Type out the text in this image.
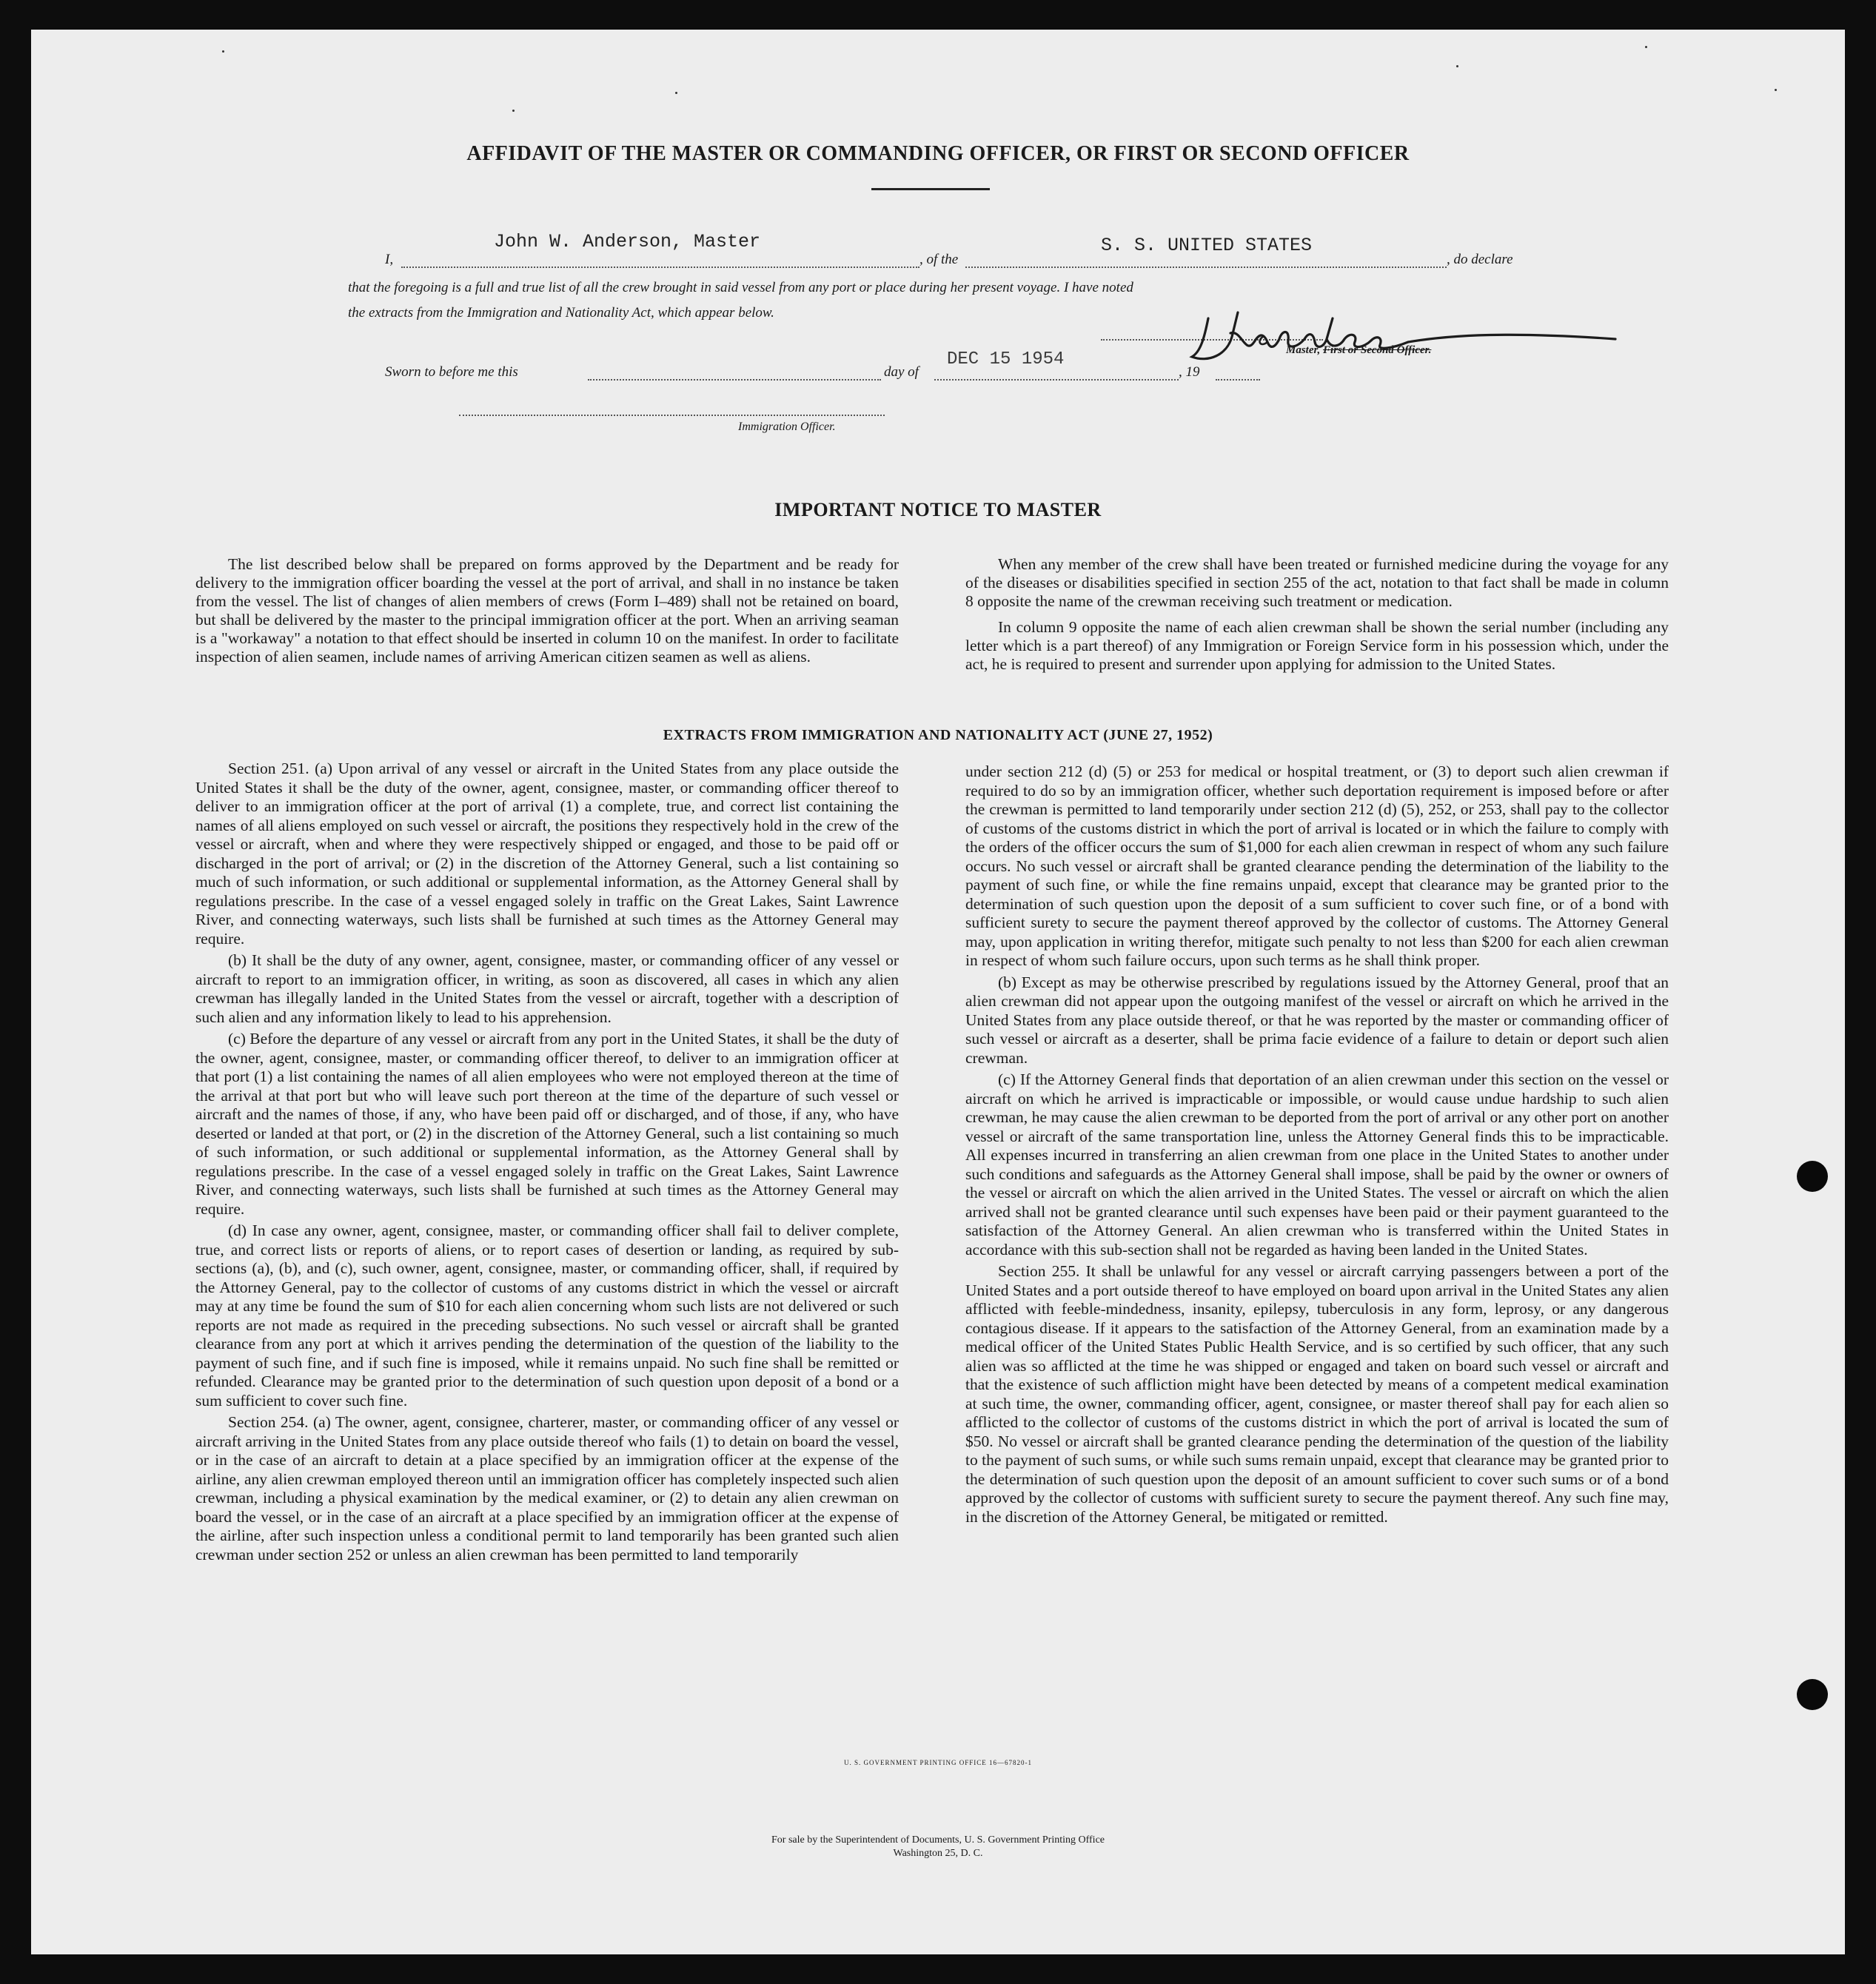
AFFIDAVIT OF THE MASTER OR COMMANDING OFFICER, OR FIRST OR SECOND OFFICER
I,
John W. Anderson, Master
, of the
S. S. UNITED STATES
, do declare
that the foregoing is a full and true list of all the crew brought in said vessel from any port or place during her present voyage. I have noted
the extracts from the Immigration and Nationality Act, which appear below.
Master, First or Second Officer.
Sworn to before me this	day of
DEC 15 1954
, 19
Immigration Officer.
IMPORTANT NOTICE TO MASTER

The list described below shall be prepared on forms approved by the Department and be ready for delivery to the immigration officer boarding the vessel at the port of arrival, and shall in no instance be taken from the vessel. The list of changes of alien members of crews (Form I–489) shall not be retained on board, but shall be delivered by the master to the principal immigration officer at the port. When an arriving seaman is a "workaway" a notation to that effect should be inserted in column 10 on the manifest. In order to facilitate inspection of alien seamen, include names of arriving American citizen seamen as well as aliens.

When any member of the crew shall have been treated or furnished medicine during the voyage for any of the diseases or disabilities specified in section 255 of the act, notation to that fact shall be made in column 8 opposite the name of the crewman receiving such treatment or medication.

In column 9 opposite the name of each alien crewman shall be shown the serial number (including any letter which is a part thereof) of any Immigration or Foreign Service form in his possession which, under the act, he is required to present and surrender upon applying for admission to the United States.

EXTRACTS FROM IMMIGRATION AND NATIONALITY ACT (JUNE 27, 1952)

Section 251. (a) Upon arrival of any vessel or aircraft in the United States from any place outside the United States it shall be the duty of the owner, agent, consignee, master, or commanding officer thereof to deliver to an immigration officer at the port of arrival (1) a complete, true, and correct list containing the names of all aliens employed on such vessel or aircraft, the positions they respectively hold in the crew of the vessel or aircraft, when and where they were respectively shipped or engaged, and those to be paid off or discharged in the port of arrival; or (2) in the discretion of the Attorney General, such a list containing so much of such information, or such additional or supplemental information, as the Attorney General shall by regulations prescribe. In the case of a vessel engaged solely in traffic on the Great Lakes, Saint Lawrence River, and connecting waterways, such lists shall be furnished at such times as the Attorney General may require.

(b) It shall be the duty of any owner, agent, consignee, master, or commanding officer of any vessel or aircraft to report to an immigration officer, in writing, as soon as discovered, all cases in which any alien crewman has illegally landed in the United States from the vessel or aircraft, together with a description of such alien and any information likely to lead to his apprehension.

(c) Before the departure of any vessel or aircraft from any port in the United States, it shall be the duty of the owner, agent, consignee, master, or commanding officer thereof, to deliver to an immigration officer at that port (1) a list containing the names of all alien employees who were not employed thereon at the time of the arrival at that port but who will leave such port thereon at the time of the departure of such vessel or aircraft and the names of those, if any, who have been paid off or discharged, and of those, if any, who have deserted or landed at that port, or (2) in the discretion of the Attorney General, such a list containing so much of such information, or such additional or supplemental information, as the Attorney General shall by regulations prescribe. In the case of a vessel engaged solely in traffic on the Great Lakes, Saint Lawrence River, and connecting waterways, such lists shall be furnished at such times as the Attorney General may require.

(d) In case any owner, agent, consignee, master, or commanding officer shall fail to deliver complete, true, and correct lists or reports of aliens, or to report cases of desertion or landing, as required by sub-sections (a), (b), and (c), such owner, agent, consignee, master, or commanding officer, shall, if required by the Attorney General, pay to the collector of customs of any customs district in which the vessel or aircraft may at any time be found the sum of $10 for each alien concerning whom such lists are not delivered or such reports are not made as required in the preceding subsections. No such vessel or aircraft shall be granted clearance from any port at which it arrives pending the determination of the question of the liability to the payment of such fine, and if such fine is imposed, while it remains unpaid. No such fine shall be remitted or refunded. Clearance may be granted prior to the determination of such question upon deposit of a bond or a sum sufficient to cover such fine.

Section 254. (a) The owner, agent, consignee, charterer, master, or commanding officer of any vessel or aircraft arriving in the United States from any place outside thereof who fails (1) to detain on board the vessel, or in the case of an aircraft to detain at a place specified by an immigration officer at the expense of the airline, any alien crewman employed thereon until an immigration officer has completely inspected such alien crewman, including a physical examination by the medical examiner, or (2) to detain any alien crewman on board the vessel, or in the case of an aircraft at a place specified by an immigration officer at the expense of the airline, after such inspection unless a conditional permit to land temporarily has been granted such alien crewman under section 252 or unless an alien crewman has been permitted to land temporarily

under section 212 (d) (5) or 253 for medical or hospital treatment, or (3) to deport such alien crewman if required to do so by an immigration officer, whether such deportation requirement is imposed before or after the crewman is permitted to land temporarily under section 212 (d) (5), 252, or 253, shall pay to the collector of customs of the customs district in which the port of arrival is located or in which the failure to comply with the orders of the officer occurs the sum of $1,000 for each alien crewman in respect of whom any such failure occurs. No such vessel or aircraft shall be granted clearance pending the determination of the liability to the payment of such fine, or while the fine remains unpaid, except that clearance may be granted prior to the determination of such question upon the deposit of a sum sufficient to cover such fine, or of a bond with sufficient surety to secure the payment thereof approved by the collector of customs. The Attorney General may, upon application in writing therefor, mitigate such penalty to not less than $200 for each alien crewman in respect of whom such failure occurs, upon such terms as he shall think proper.

(b) Except as may be otherwise prescribed by regulations issued by the Attorney General, proof that an alien crewman did not appear upon the outgoing manifest of the vessel or aircraft on which he arrived in the United States from any place outside thereof, or that he was reported by the master or commanding officer of such vessel or aircraft as a deserter, shall be prima facie evidence of a failure to detain or deport such alien crewman.

(c) If the Attorney General finds that deportation of an alien crewman under this section on the vessel or aircraft on which he arrived is impracticable or impossible, or would cause undue hardship to such alien crewman, he may cause the alien crewman to be deported from the port of arrival or any other port on another vessel or aircraft of the same transportation line, unless the Attorney General finds this to be impracticable. All expenses incurred in transferring an alien crewman from one place in the United States to another under such conditions and safeguards as the Attorney General shall impose, shall be paid by the owner or owners of the vessel or aircraft on which the alien arrived in the United States. The vessel or aircraft on which the alien arrived shall not be granted clearance until such expenses have been paid or their payment guaranteed to the satisfaction of the Attorney General. An alien crewman who is transferred within the United States in accordance with this sub-section shall not be regarded as having been landed in the United States.

Section 255. It shall be unlawful for any vessel or aircraft carrying passengers between a port of the United States and a port outside thereof to have employed on board upon arrival in the United States any alien afflicted with feeble-mindedness, insanity, epilepsy, tuberculosis in any form, leprosy, or any dangerous contagious disease. If it appears to the satisfaction of the Attorney General, from an examination made by a medical officer of the United States Public Health Service, and is so certified by such officer, that any such alien was so afflicted at the time he was shipped or engaged and taken on board such vessel or aircraft and that the existence of such affliction might have been detected by means of a competent medical examination at such time, the owner, commanding officer, agent, consignee, or master thereof shall pay for each alien so afflicted to the collector of customs of the customs district in which the port of arrival is located the sum of $50. No vessel or aircraft shall be granted clearance pending the determination of the question of the liability to the payment of such sums, or while such sums remain unpaid, except that clearance may be granted prior to the determination of such question upon the deposit of an amount sufficient to cover such sums or of a bond approved by the collector of customs with sufficient surety to secure the payment thereof. Any such fine may, in the discretion of the Attorney General, be mitigated or remitted.

U. S. GOVERNMENT PRINTING OFFICE 16—67820-1
For sale by the Superintendent of Documents, U. S. Government Printing Office
Washington 25, D. C.
